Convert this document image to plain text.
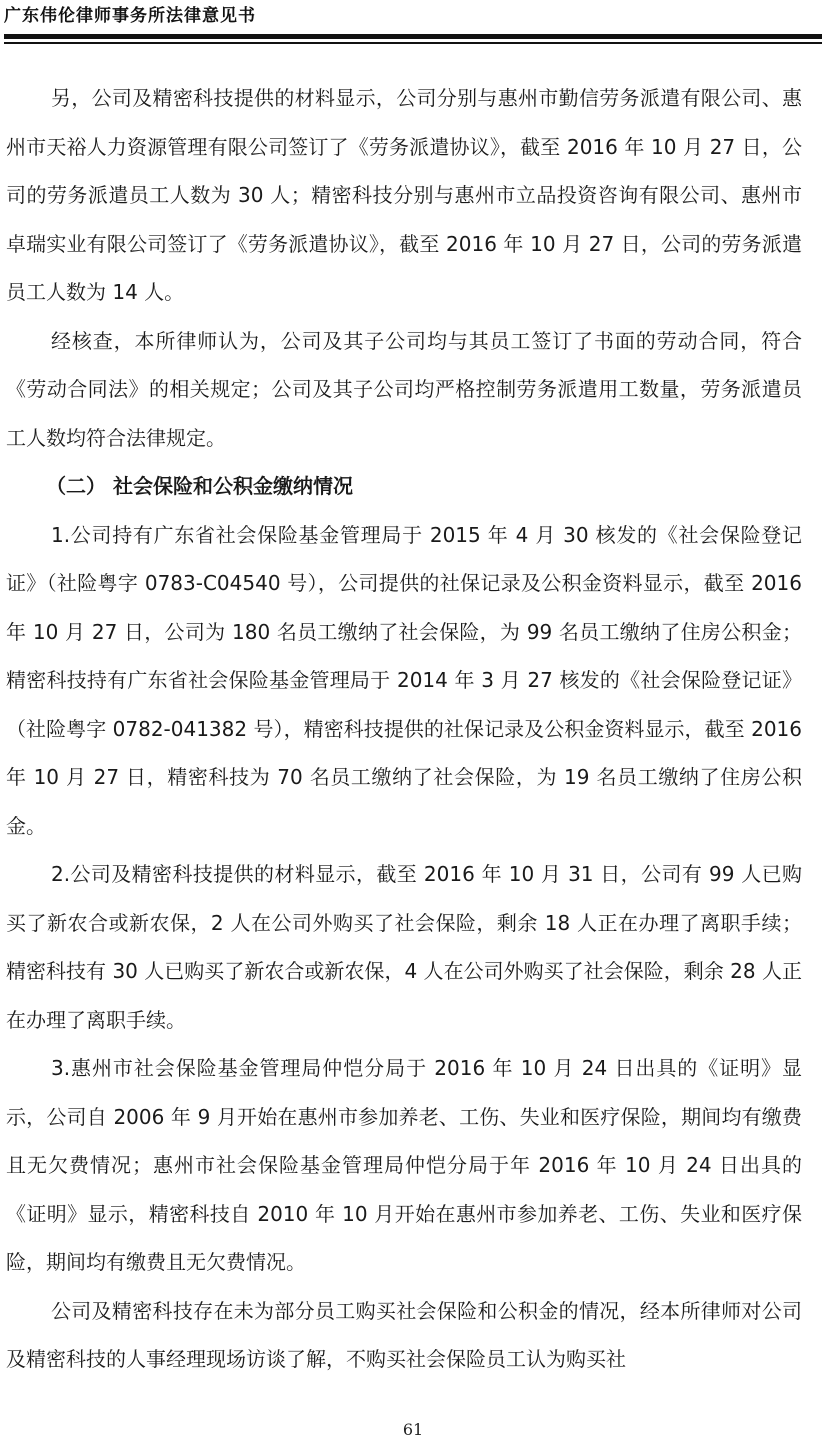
广东伟伦律师事务所法律意见书

另，公司及精密科技提供的材料显示，公司分别与惠州市勤信劳务派遣有限公司、惠州市天裕人力资源管理有限公司签订了《劳务派遣协议》，截至 2016 年 10 月 27 日，公司的劳务派遣员工人数为 30 人；精密科技分别与惠州市立品投资咨询有限公司、惠州市卓瑞实业有限公司签订了《劳务派遣协议》，截至 2016 年 10 月 27 日，公司的劳务派遣员工人数为 14 人。

经核查，本所律师认为，公司及其子公司均与其员工签订了书面的劳动合同，符合《劳动合同法》的相关规定；公司及其子公司均严格控制劳务派遣用工数量，劳务派遣员工人数均符合法律规定。

（二） 社会保险和公积金缴纳情况

1.公司持有广东省社会保险基金管理局于 2015 年 4 月 30 核发的《社会保险登记证》（社险粤字 0783-C04540 号），公司提供的社保记录及公积金资料显示，截至 2016 年 10 月 27 日，公司为 180 名员工缴纳了社会保险，为 99 名员工缴纳了住房公积金；精密科技持有广东省社会保险基金管理局于 2014 年 3 月 27 核发的《社会保险登记证》（社险粤字 0782-041382 号），精密科技提供的社保记录及公积金资料显示，截至 2016 年 10 月 27 日，精密科技为 70 名员工缴纳了社会保险，为 19 名员工缴纳了住房公积金。

2.公司及精密科技提供的材料显示，截至 2016 年 10 月 31 日，公司有 99 人已购买了新农合或新农保，2 人在公司外购买了社会保险，剩余 18 人正在办理了离职手续；精密科技有 30 人已购买了新农合或新农保，4 人在公司外购买了社会保险，剩余 28 人正在办理了离职手续。

3.惠州市社会保险基金管理局仲恺分局于 2016 年 10 月 24 日出具的《证明》显示，公司自 2006 年 9 月开始在惠州市参加养老、工伤、失业和医疗保险，期间均有缴费且无欠费情况；惠州市社会保险基金管理局仲恺分局于年 2016 年 10 月 24 日出具的《证明》显示，精密科技自 2010 年 10 月开始在惠州市参加养老、工伤、失业和医疗保险，期间均有缴费且无欠费情况。

公司及精密科技存在未为部分员工购买社会保险和公积金的情况，经本所律师对公司及精密科技的人事经理现场访谈了解，不购买社会保险员工认为购买社

61
